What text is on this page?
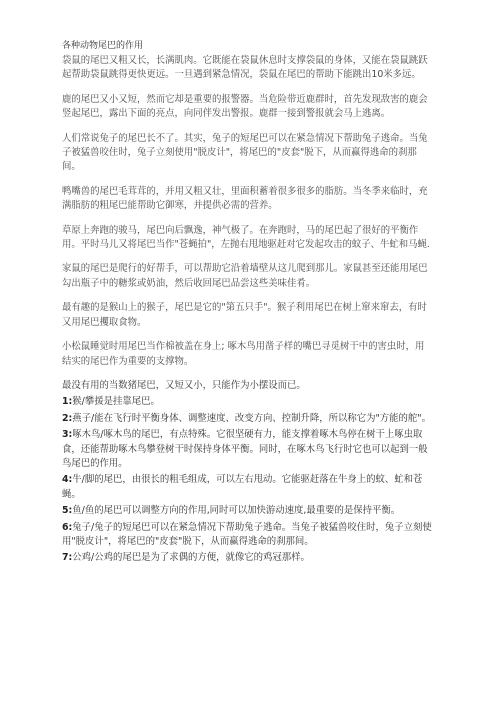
各种动物尾巴的作用

袋鼠的尾巴又粗又长，长满肌肉。它既能在袋鼠休息时支撑袋鼠的身体，又能在袋鼠跳跃起帮助袋鼠跳得更快更远。一旦遇到紧急情况，袋鼠在尾巴的帮助下能跳出10米多远。

鹿的尾巴又小又短，然而它却是重要的报警器。当危险带近鹿群时，首先发现敌害的鹿会竖起尾巴，露出下面的亮点，向同伴发出警报。鹿群一接到警报就会马上逃离。

人们常说兔子的尾巴长不了。其实，兔子的短尾巴可以在紧急情况下帮助兔子逃命。当兔子被猛兽咬住时，兔子立刻使用"脱皮计"，将尾巴的"皮套"脱下，从而赢得逃命的刹那间。

鸭嘴兽的尾巴毛茸茸的，并用又粗又壮，里面积蓄着很多很多的脂肪。当冬季来临时，充满脂肪的粗尾巴能帮助它御寒，并提供必需的营养。

草原上奔跑的骏马，尾巴向后飘逸，神气极了。在奔跑时，马的尾巴起了很好的平衡作用。平时马儿又将尾巴当作"苍蝇拍"，左抛右甩地驱赶对它发起攻击的蚊子、牛虻和马蝇.

家鼠的尾巴是爬行的好帮手，可以帮助它沿着墙壁从这儿爬到那儿。家鼠甚至还能用尾巴勾出瓶子中的糖浆或奶油，然后收回尾巴品尝这些美味佳肴。

最有趣的是猴山上的猴子，尾巴是它的"第五只手"。猴子利用尾巴在树上窜来窜去，有时又用尾巴攫取食物。

小松鼠睡觉时用尾巴当作棉被盖在身上; 啄木鸟用凿子样的嘴巴寻觅树干中的害虫时，用结实的尾巴作为重要的支撑物。

最没有用的当数猪尾巴，又短又小，只能作为小摆设而已。

1:猴/攀援是挂靠尾巴。
2:燕子/能在飞行时平衡身体、调整速度、改变方向、控制升降，所以称它为"方能的舵"。
3:啄木鸟/啄木鸟的尾巴，有点特殊。它很坚硬有力，能支撑着啄木鸟停在树干上啄虫取食，还能帮助啄木鸟攀登树干时保持身体平衡。同时，在啄木鸟飞行时它也可以起到一般鸟尾巴的作用。
4:牛/脚的尾巴，由很长的粗毛组成，可以左右甩动。它能驱赶落在牛身上的蚊、虻和苍蝇。
5:鱼/鱼的尾巴可以调整方向的作用,同时可以加快游动速度,最重要的是保持平衡。
6:兔子/兔子的短尾巴可以在紧急情况下帮助兔子逃命。当兔子被猛兽咬住时，兔子立刻使用"脱皮计"，将尾巴的"皮套"脱下，从而赢得逃命的刹那间。
7:公鸡/公鸡的尾巴是为了求偶的方便，就像它的鸡冠那样。
